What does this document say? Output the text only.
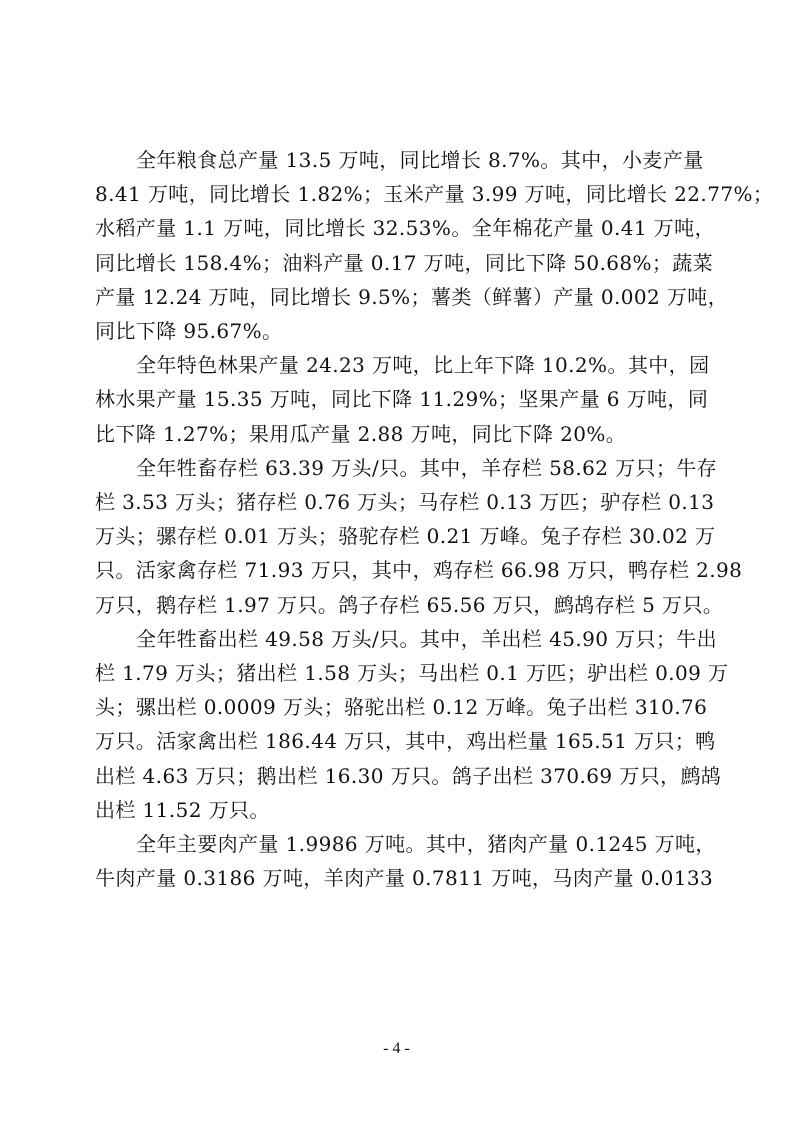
全年粮食总产量 13.5 万吨，同比增长 8.7%。其中，小麦产量

8.41 万吨，同比增长 1.82%；玉米产量 3.99 万吨，同比增长 22.77%；

水稻产量 1.1 万吨，同比增长 32.53%。全年棉花产量 0.41 万吨，

同比增长 158.4%；油料产量 0.17 万吨，同比下降 50.68%；蔬菜

产量 12.24 万吨，同比增长 9.5%；薯类（鲜薯）产量 0.002 万吨，

同比下降 95.67%。

全年特色林果产量 24.23 万吨，比上年下降 10.2%。其中，园

林水果产量 15.35 万吨，同比下降 11.29%；坚果产量 6 万吨，同

比下降 1.27%；果用瓜产量 2.88 万吨，同比下降 20%。

全年牲畜存栏 63.39 万头/只。其中，羊存栏 58.62 万只；牛存

栏 3.53 万头；猪存栏 0.76 万头；马存栏 0.13 万匹；驴存栏 0.13

万头；骡存栏 0.01 万头；骆驼存栏 0.21 万峰。兔子存栏 30.02 万

只。活家禽存栏 71.93 万只，其中，鸡存栏 66.98 万只，鸭存栏 2.98

万只，鹅存栏 1.97 万只。鸽子存栏 65.56 万只，鹧鸪存栏 5 万只。

全年牲畜出栏 49.58 万头/只。其中，羊出栏 45.90 万只；牛出

栏 1.79 万头；猪出栏 1.58 万头；马出栏 0.1 万匹；驴出栏 0.09 万

头；骡出栏 0.0009 万头；骆驼出栏 0.12 万峰。兔子出栏 310.76

万只。活家禽出栏 186.44 万只，其中，鸡出栏量 165.51 万只；鸭

出栏 4.63 万只；鹅出栏 16.30 万只。鸽子出栏 370.69 万只，鹧鸪

出栏 11.52 万只。

全年主要肉产量 1.9986 万吨。其中，猪肉产量 0.1245 万吨，

牛肉产量 0.3186 万吨，羊肉产量 0.7811 万吨，马肉产量 0.0133

- 4 -
